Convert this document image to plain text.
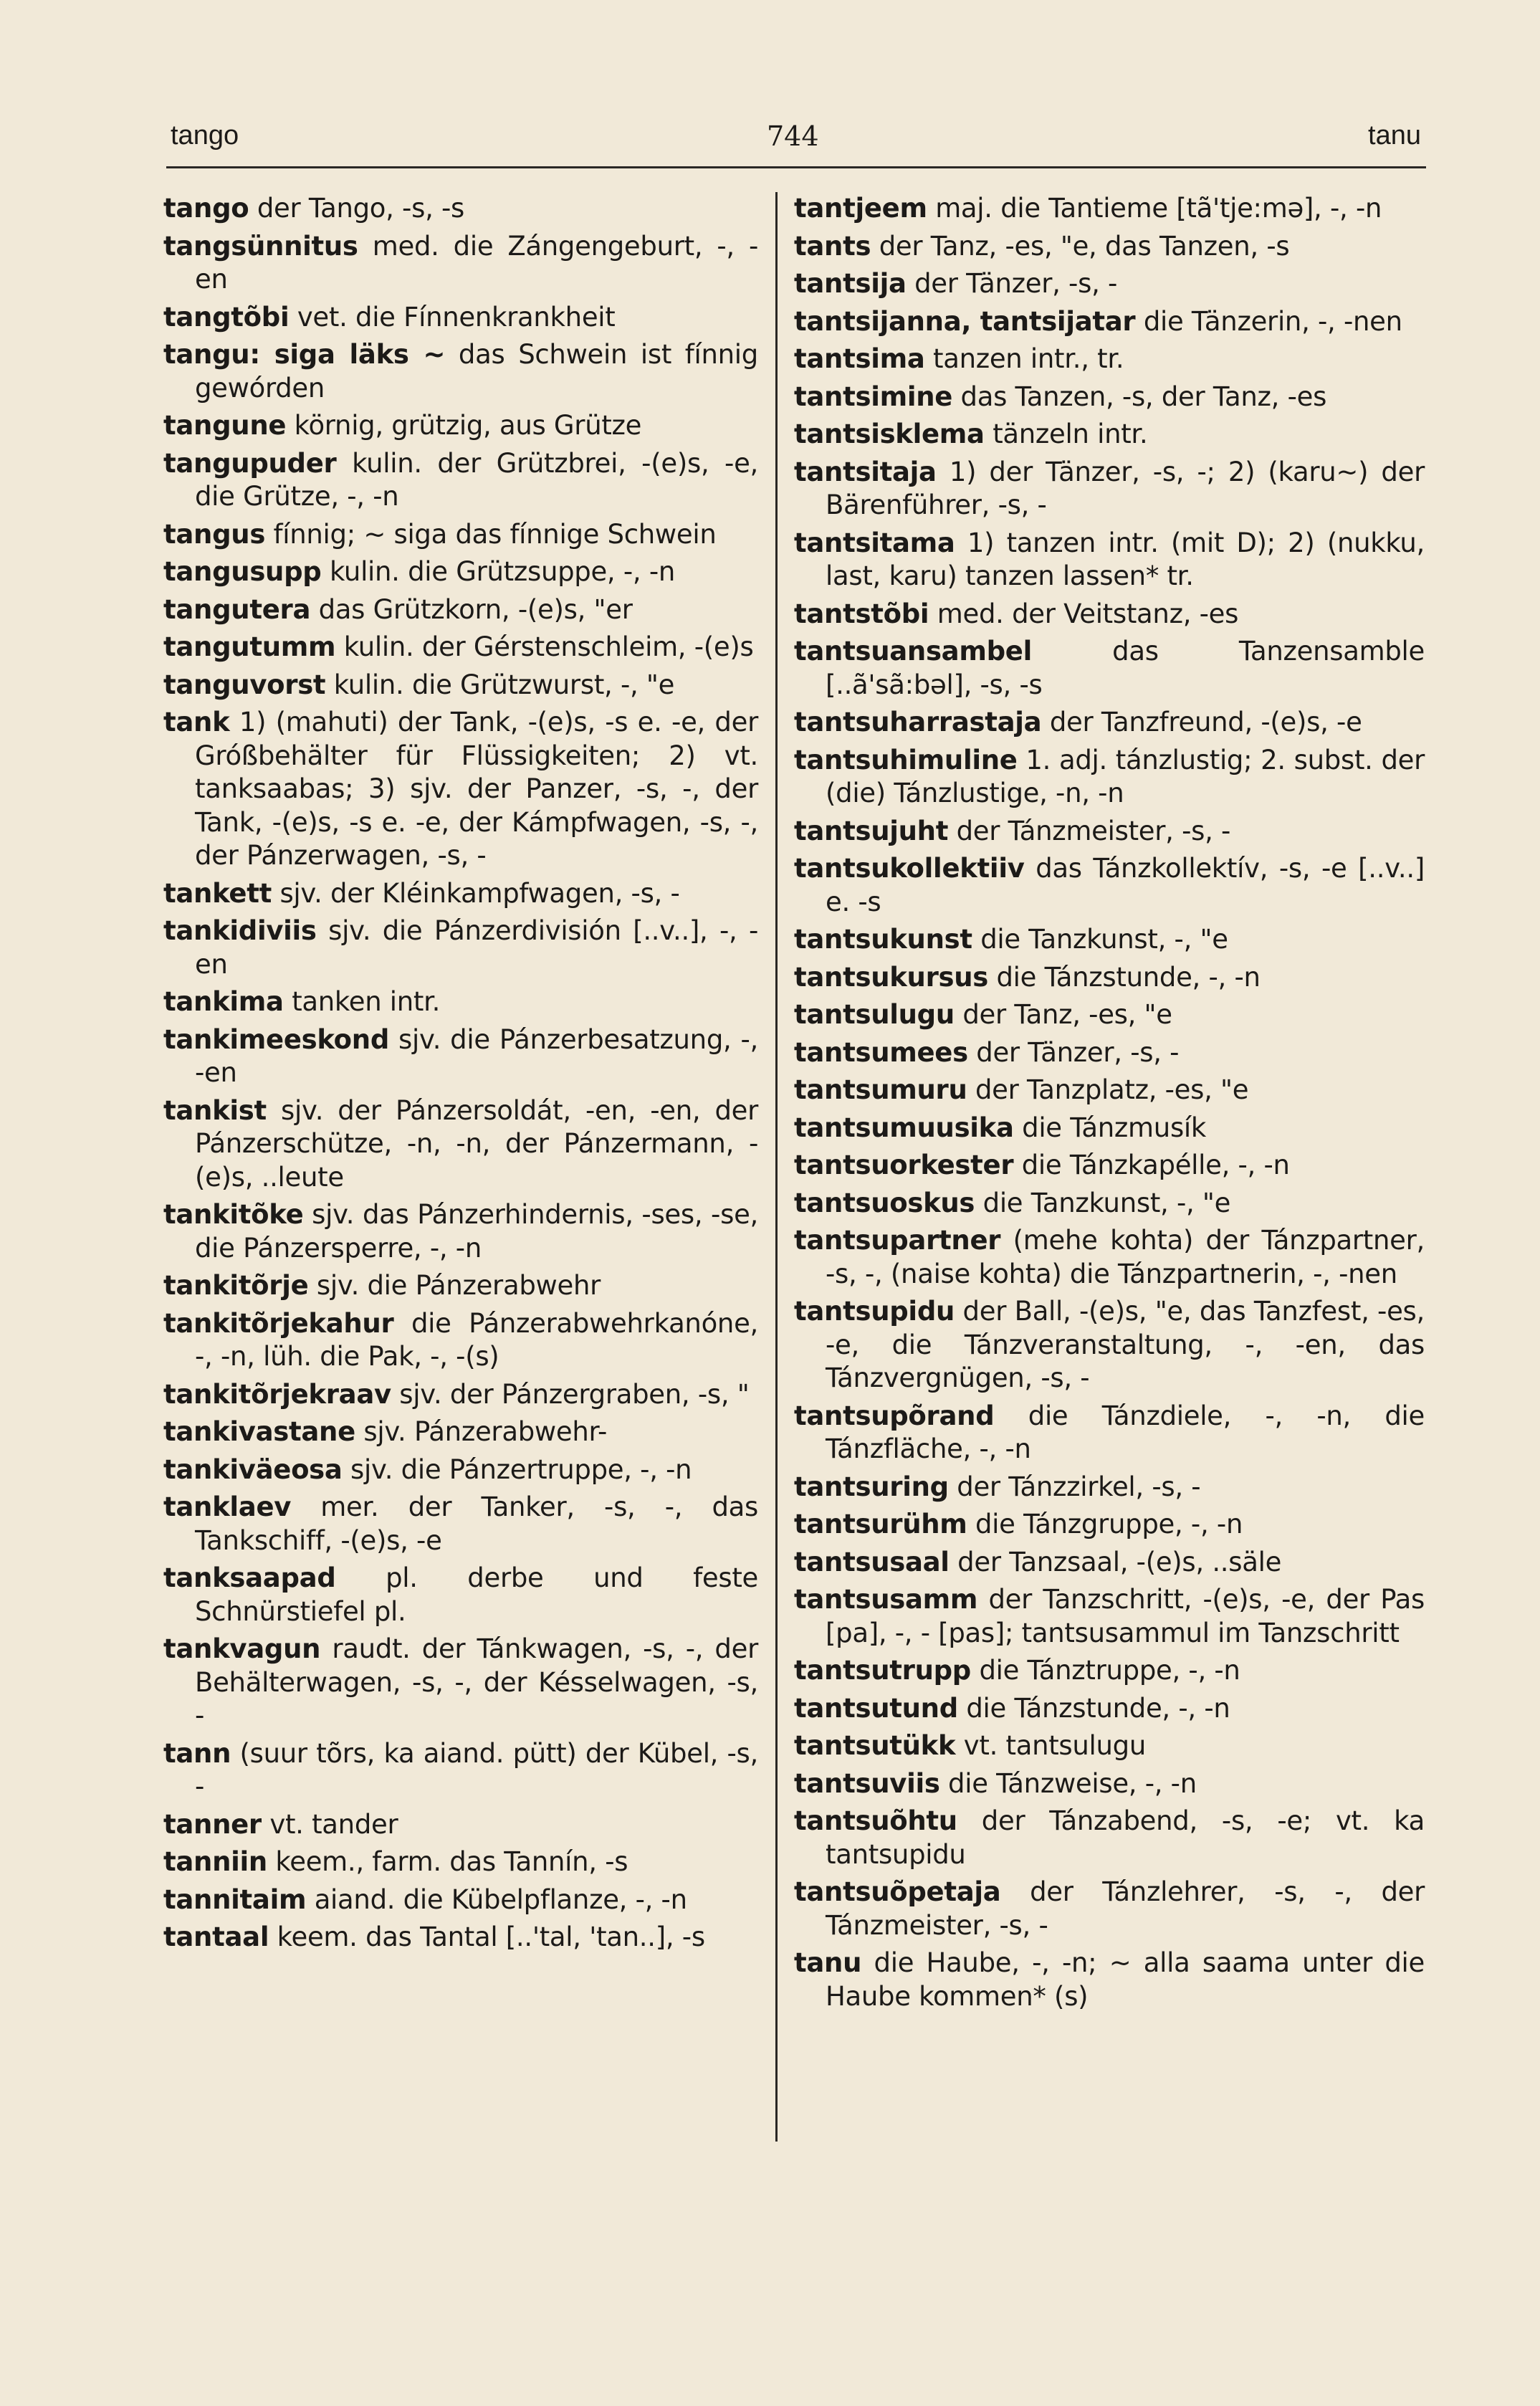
tango	744	tanu

tango der Tango, -s, -s

tangsünnitus med. die Zángengeburt, -, -en

tangtõbi vet. die Fínnenkrankheit

tangu: siga läks ~ das Schwein ist fínnig gewórden

tangune körnig, grützig, aus Grütze

tangupuder kulin. der Grützbrei, -(e)s, -e, die Grütze, -, -n

tangus fínnig; ~ siga das fínnige Schwein

tangusupp kulin. die Grützsuppe, -, -n

tangutera das Grützkorn, -(e)s, "er

tangutumm kulin. der Gérstenschleim, -(e)s

tanguvorst kulin. die Grützwurst, -, "e

tank 1) (mahuti) der Tank, -(e)s, -s e. -e, der Gróßbehälter für Flüssigkeiten; 2) vt. tanksaabas; 3) sjv. der Panzer, -s, -, der Tank, -(e)s, -s e. -e, der Kámpfwagen, -s, -, der Pánzerwagen, -s, -

tankett sjv. der Kléinkampfwagen, -s, -

tankidiviis sjv. die Pánzerdivisión [..v..], -, -en

tankima tanken intr.

tankimeeskond sjv. die Pánzerbesatzung, -, -en

tankist sjv. der Pánzersoldát, -en, -en, der Pánzerschütze, -n, -n, der Pánzermann, -(e)s, ..leute

tankitõke sjv. das Pánzerhindernis, -ses, -se, die Pánzersperre, -, -n

tankitõrje sjv. die Pánzerabwehr

tankitõrjekahur die Pánzerabwehrkanóne, -, -n, lüh. die Pak, -, -(s)

tankitõrjekraav sjv. der Pánzergraben, -s, "

tankivastane sjv. Pánzerabwehr-

tankiväeosa sjv. die Pánzertruppe, -, -n

tanklaev mer. der Tanker, -s, -, das Tankschiff, -(e)s, -e

tanksaapad pl. derbe und feste Schnürstiefel pl.

tankvagun raudt. der Tánkwagen, -s, -, der Behälterwagen, -s, -, der Késselwagen, -s, -

tann (suur tõrs, ka aiand. pütt) der Kübel, -s, -

tanner vt. tander

tanniin keem., farm. das Tannín, -s

tannitaim aiand. die Kübelpflanze, -, -n

tantaal keem. das Tantal [..'tal, 'tan..], -s

tantjeem maj. die Tantieme [tã'tje:mə], -, -n

tants der Tanz, -es, "e, das Tanzen, -s

tantsija der Tänzer, -s, -

tantsijanna, tantsijatar die Tänzerin, -, -nen

tantsima tanzen intr., tr.

tantsimine das Tanzen, -s, der Tanz, -es

tantsisklema tänzeln intr.

tantsitaja 1) der Tänzer, -s, -; 2) (karu~) der Bärenführer, -s, -

tantsitama 1) tanzen intr. (mit D); 2) (nukku, last, karu) tanzen lassen* tr.

tantstõbi med. der Veitstanz, -es

tantsuansambel	das Tanzensamble [..ã'sã:bəl], -s, -s

tantsuharrastaja der Tanzfreund, -(e)s, -e

tantsuhimuline 1. adj. tánzlustig; 2. subst. der (die) Tánzlustige, -n, -n

tantsujuht der Tánzmeister, -s, -

tantsukollektiiv das Tánzkollektív, -s, -e [..v..] e. -s

tantsukunst die Tanzkunst, -, "e

tantsukursus die Tánzstunde, -, -n

tantsulugu der Tanz, -es, "e

tantsumees der Tänzer, -s, -

tantsumuru der Tanzplatz, -es, "e

tantsumuusika die Tánzmusík

tantsuorkester die Tánzkapélle, -, -n

tantsuoskus die Tanzkunst, -, "e

tantsupartner (mehe kohta) der Tánzpartner, -s, -, (naise kohta) die Tánzpartnerin, -, -nen

tantsupidu der Ball, -(e)s, "e, das Tanzfest, -es, -e, die Tánzveranstaltung, -, -en, das Tánzvergnügen, -s, -

tantsupõrand die Tánzdiele, -, -n, die Tánzfläche, -, -n

tantsuring der Tánzzirkel, -s, -

tantsurühm die Tánzgruppe, -, -n

tantsusaal der Tanzsaal, -(e)s, ..säle

tantsusamm der Tanzschritt, -(e)s, -e, der Pas [pa], -, - [pas]; tantsusammul im Tanzschritt

tantsutrupp die Tánztruppe, -, -n

tantsutund die Tánzstunde, -, -n

tantsutükk vt. tantsulugu

tantsuviis die Tánzweise, -, -n

tantsuõhtu der Tánzabend, -s, -e; vt. ka tantsupidu

tantsuõpetaja der Tánzlehrer, -s, -, der Tánzmeister, -s, -

tanu die Haube, -, -n; ~ alla saama unter die Haube kommen* (s)
